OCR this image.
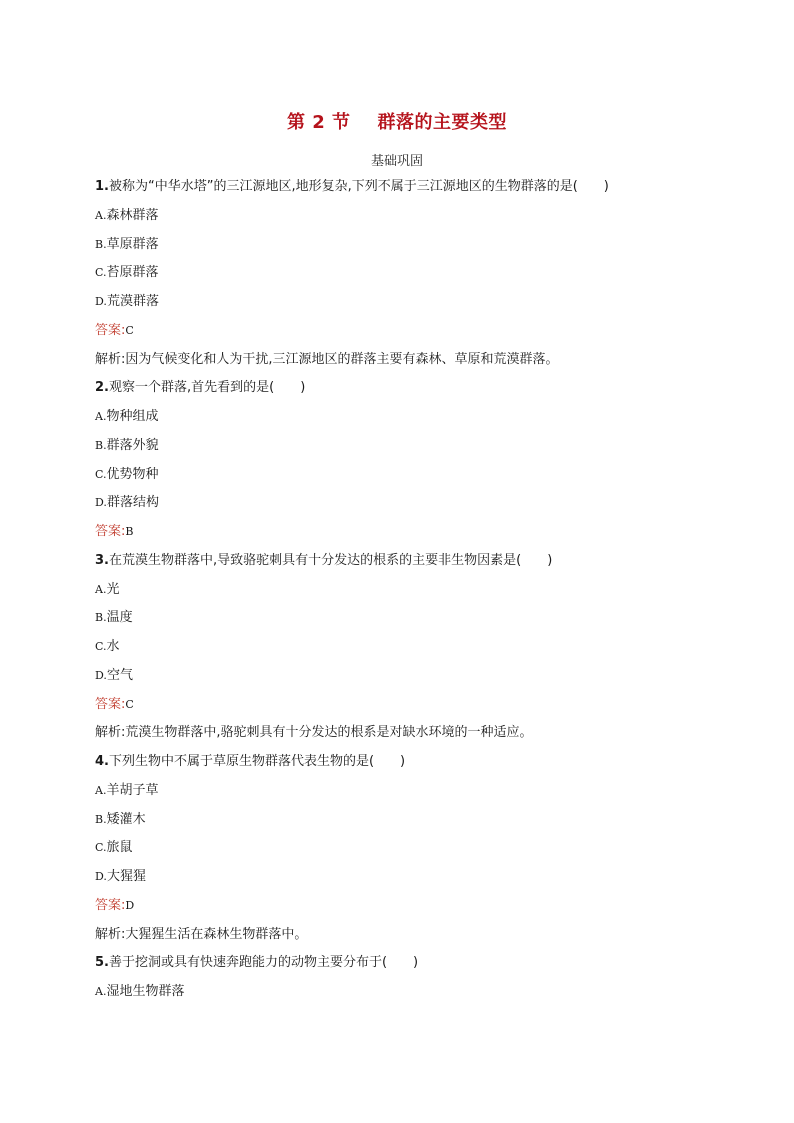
第 2 节    群落的主要类型
基础巩固
1.被称为“中华水塔”的三江源地区,地形复杂,下列不属于三江源地区的生物群落的是(　　)
A.森林群落
B.草原群落
C.苔原群落
D.荒漠群落
答案:C
解析:因为气候变化和人为干扰,三江源地区的群落主要有森林、草原和荒漠群落。
2.观察一个群落,首先看到的是(　　)
A.物种组成
B.群落外貌
C.优势物种
D.群落结构
答案:B
3.在荒漠生物群落中,导致骆驼刺具有十分发达的根系的主要非生物因素是(　　)
A.光
B.温度
C.水
D.空气
答案:C
解析:荒漠生物群落中,骆驼刺具有十分发达的根系是对缺水环境的一种适应。
4.下列生物中不属于草原生物群落代表生物的是(　　)
A.羊胡子草
B.矮灌木
C.旅鼠
D.大猩猩
答案:D
解析:大猩猩生活在森林生物群落中。
5.善于挖洞或具有快速奔跑能力的动物主要分布于(　　)
A.湿地生物群落
